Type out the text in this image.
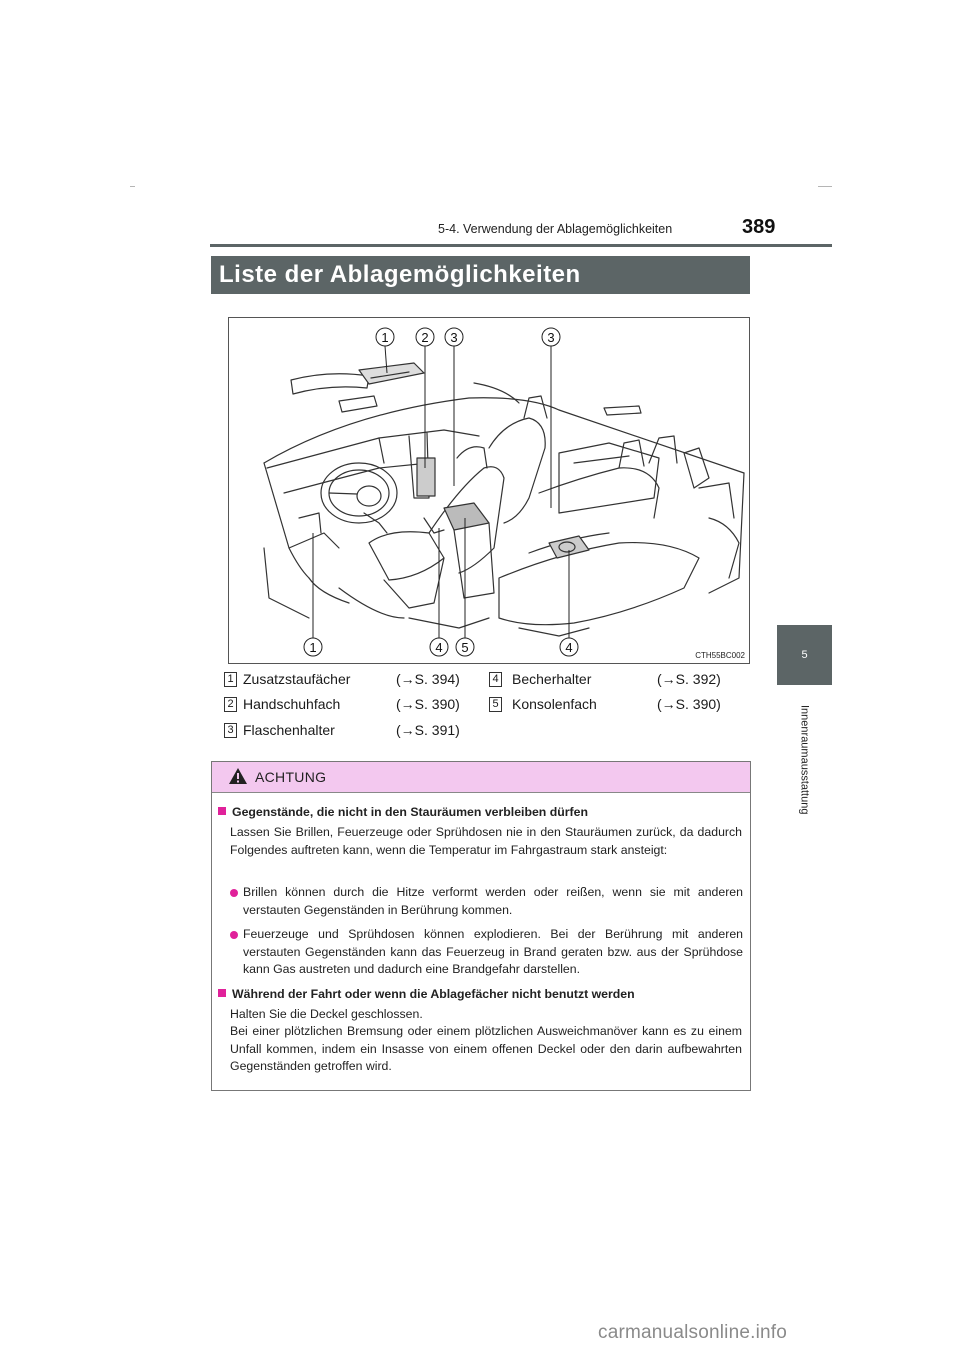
5-4. Verwendung der Ablagemöglichkeiten	389
5
Innenraumausstattung
Liste der Ablagemöglichkeiten
1	2 3	3
1	4 5	4
CTH55BC002
1 Zusatzstaufächer	(→S. 394)
2 Handschuhfach	(→S. 390)
3 Flaschenhalter	(→S. 391)
4 Becherhalter	(→S. 392)
5 Konsolenfach	(→S. 390)
ACHTUNG
Gegenstände, die nicht in den Stauräumen verbleiben dürfen
Lassen Sie Brillen, Feuerzeuge oder Sprühdosen nie in den Stauräumen zurück, da dadurch Folgendes auftreten kann, wenn die Temperatur im Fahrgastraum stark ansteigt:
Brillen können durch die Hitze verformt werden oder reißen, wenn sie mit anderen verstauten Gegenständen in Berührung kommen.
Feuerzeuge und Sprühdosen können explodieren. Bei der Berührung mit anderen verstauten Gegenständen kann das Feuerzeug in Brand geraten bzw. aus der Sprühdose kann Gas austreten und dadurch eine Brandgefahr darstellen.
Während der Fahrt oder wenn die Ablagefächer nicht benutzt werden
Halten Sie die Deckel geschlossen.
Bei einer plötzlichen Bremsung oder einem plötzlichen Ausweichmanöver kann es zu einem Unfall kommen, indem ein Insasse von einem offenen Deckel oder den darin aufbewahrten Gegenständen getroffen wird.
carmanualsonline.info
